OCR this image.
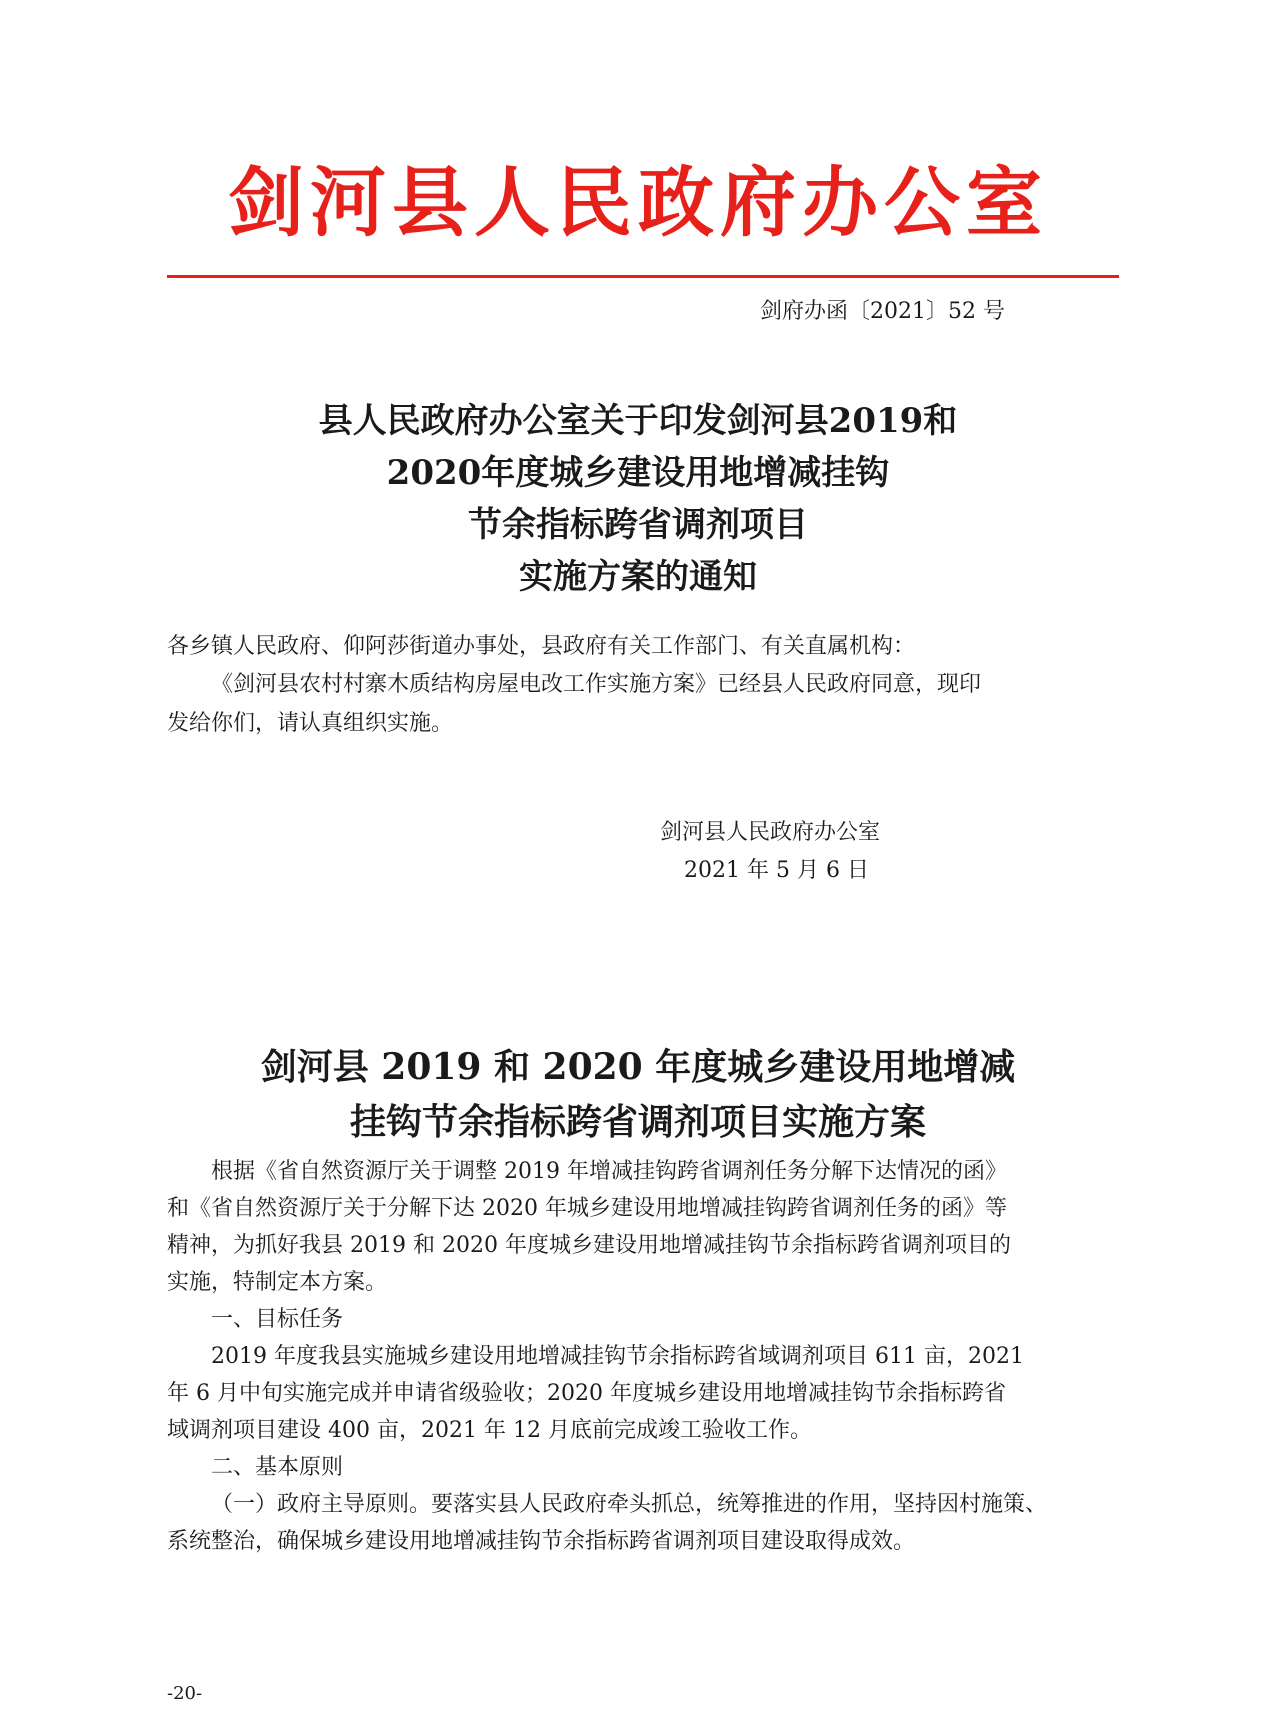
剑河县人民政府办公室
剑府办函〔2021〕52 号
县人民政府办公室关于印发剑河县2019和
2020年度城乡建设用地增减挂钩
节余指标跨省调剂项目
实施方案的通知
各乡镇人民政府、仰阿莎街道办事处，县政府有关工作部门、有关直属机构：
《剑河县农村村寨木质结构房屋电改工作实施方案》已经县人民政府同意，现印
发给你们，请认真组织实施。
剑河县人民政府办公室
2021 年 5 月 6 日
剑河县 2019 和 2020 年度城乡建设用地增减
挂钩节余指标跨省调剂项目实施方案
根据《省自然资源厅关于调整 2019 年增减挂钩跨省调剂任务分解下达情况的函》
和《省自然资源厅关于分解下达 2020 年城乡建设用地增减挂钩跨省调剂任务的函》等
精神，为抓好我县 2019 和 2020 年度城乡建设用地增减挂钩节余指标跨省调剂项目的
实施，特制定本方案。
一、目标任务
2019 年度我县实施城乡建设用地增减挂钩节余指标跨省域调剂项目 611 亩，2021
年 6 月中旬实施完成并申请省级验收；2020 年度城乡建设用地增减挂钩节余指标跨省
域调剂项目建设 400 亩，2021 年 12 月底前完成竣工验收工作。
二、基本原则
（一）政府主导原则。要落实县人民政府牵头抓总，统筹推进的作用，坚持因村施策、
系统整治，确保城乡建设用地增减挂钩节余指标跨省调剂项目建设取得成效。
-20-
